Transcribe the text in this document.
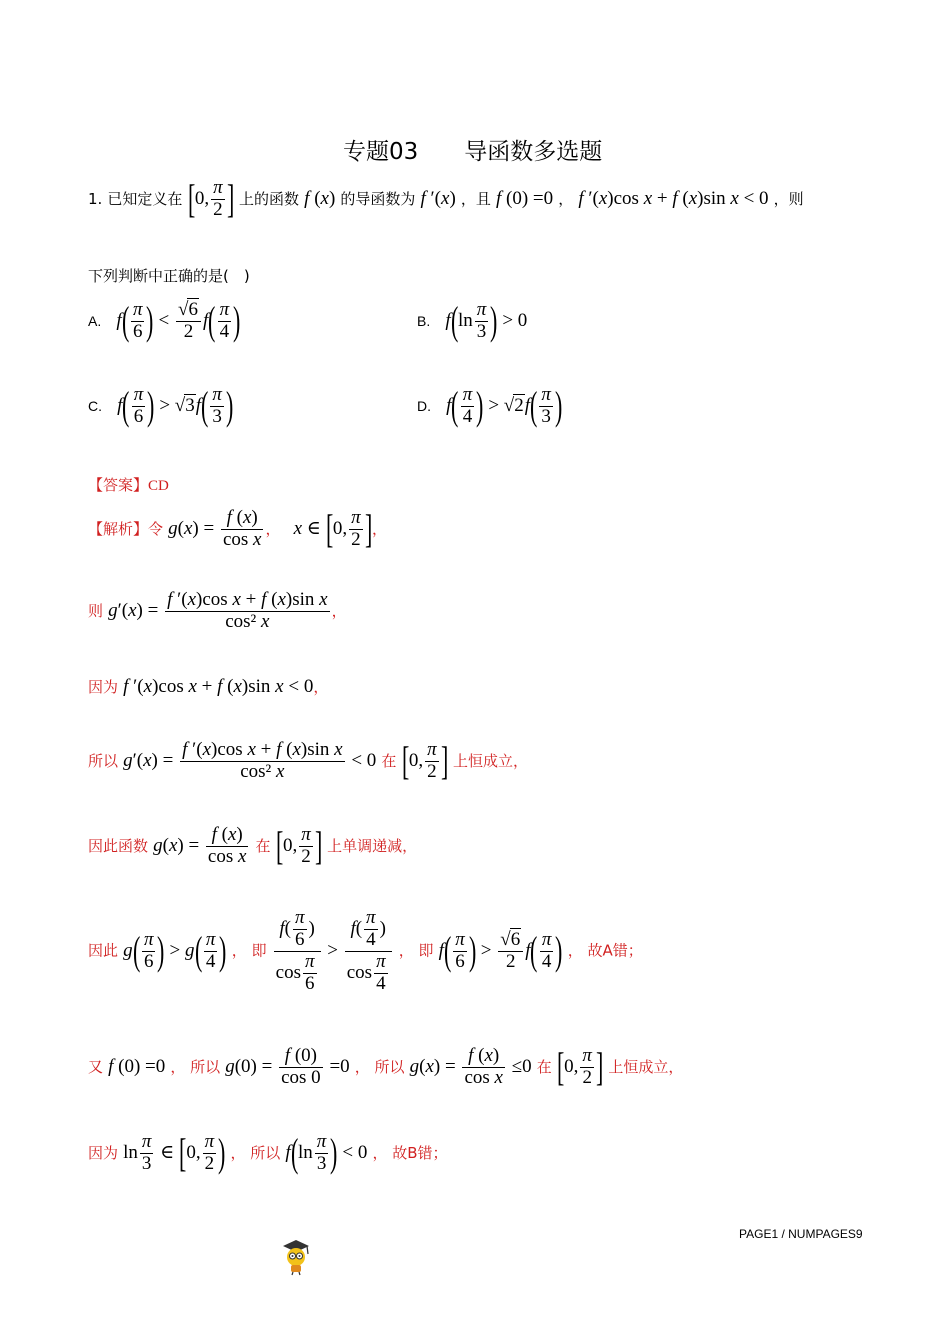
专题03　　导函数多选题
1. 已知定义在 [0, $\frac{\pi}{2}$ ] 上的函数 f (x) 的导函数为 f ′(x) ，且 f (0) =0 ， f ′(x)cos x + f (x)sin x < 0 ，则
下列判断中正确的是(　)
A. $f( \frac{\pi}{6}$ ) < $\frac{√6}{2} f( \frac{\pi}{4}$ )	B. $f(\ln \frac{\pi}{3}$ ) > 0
C. $f( \frac{\pi}{6}$ ) > $√3f( \frac{\pi}{3}$ )	D. $f( \frac{\pi}{4}$ ) > $√2f( \frac{\pi}{3}$ )
【答案】CD
【解析】令 $g(x) = \frac{f (x)}{\text{cos x}}$ ， x ∈ [0, $\frac{\pi}{2}$ ]，
则 $g'(x) = \frac{\text{f ′(x)cos x + f (x)sin x}}{\text{cos² x}}$ ，
因为 f ′(x)cos x + f (x)sin x < 0，
所以 $g'(x) = \frac{\text{f ′(x)cos x + f (x)sin x}}{\text{cos² x}} < 0$ 在 [0, $\frac{\pi}{2}$ ] 上恒成立，
因此函数 $g(x) = \frac{f (x)}{\text{cos x}}$ 在 [0, $\frac{\pi}{2}$ ] 上单调递减，
因此 $g( \frac{\pi}{6}$ ) > $g( \frac{\pi}{4}$ ) ， 即 $\frac{f( \frac{\pi}{6} )}{\cos \frac{\pi}{6}} > \frac{f( \frac{\pi}{4} )}{\cos \frac{\pi}{4}}$ ， 即 $f( \frac{\pi}{6}$ ) > $\frac{√6}{2} f( \frac{\pi}{4}$ ) ， 故A错；
又 f (0) =0 ， 所以 $g(0) = \frac{f (0)}{\cos 0} =0$ ， 所以 $g(x) = \frac{f (x)}{\text{cos x}} \le 0$ 在 [0, $\frac{\pi}{2}$ ] 上恒成立，
因为 $\ln \frac{\pi}{3}$ ∈ [0, $\frac{\pi}{2}$ ) ， 所以 $f(\ln \frac{\pi}{3}$ ) < 0 ， 故B错；
PAGE1 / NUMPAGES9
